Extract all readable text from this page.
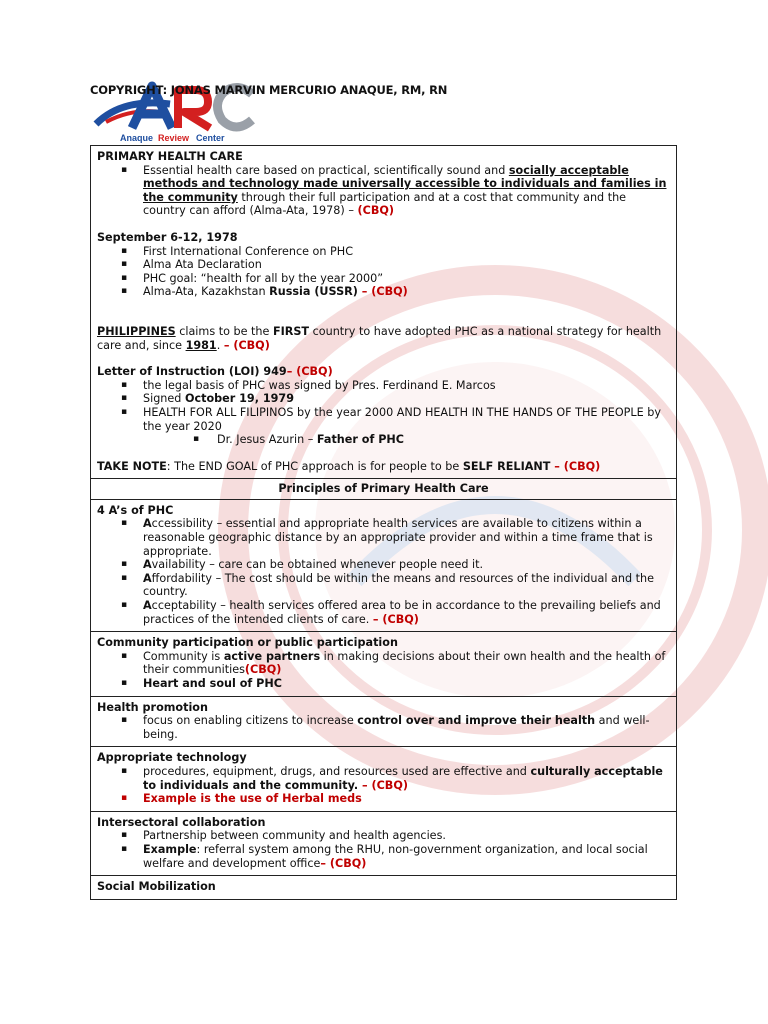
COPYRIGHT: JONAS MARVIN MERCURIO ANAQUE, RM, RN
Anaque Review Center
PRIMARY HEALTH CARE
▪ Essential health care based on practical, scientifically sound and socially acceptable methods and technology made universally accessible to individuals and families in the community through their full participation and at a cost that community and the country can afford (Alma-Ata, 1978) – (CBQ)
September 6-12, 1978
▪ First International Conference on PHC
▪ Alma Ata Declaration
▪ PHC goal: “health for all by the year 2000”
▪ Alma-Ata, Kazakhstan Russia (USSR) – (CBQ)
PHILIPPINES claims to be the FIRST country to have adopted PHC as a national strategy for health care and, since 1981. – (CBQ)
Letter of Instruction (LOI) 949– (CBQ)
▪ the legal basis of PHC was signed by Pres. Ferdinand E. Marcos
▪ Signed October 19, 1979
▪ HEALTH FOR ALL FILIPINOS by the year 2000 AND HEALTH IN THE HANDS OF THE PEOPLE by the year 2020
▪ Dr. Jesus Azurin – Father of PHC
TAKE NOTE: The END GOAL of PHC approach is for people to be SELF RELIANT – (CBQ)
Principles of Primary Health Care
4 A’s of PHC
▪ Accessibility – essential and appropriate health services are available to citizens within a reasonable geographic distance by an appropriate provider and within a time frame that is appropriate.
▪ Availability – care can be obtained whenever people need it.
▪ Affordability – The cost should be within the means and resources of the individual and the country.
▪ Acceptability – health services offered area to be in accordance to the prevailing beliefs and practices of the intended clients of care. – (CBQ)
Community participation or public participation
▪ Community is active partners in making decisions about their own health and the health of their communities(CBQ)
▪ Heart and soul of PHC
Health promotion
▪ focus on enabling citizens to increase control over and improve their health and well-being.
Appropriate technology
▪ procedures, equipment, drugs, and resources used are effective and culturally acceptable to individuals and the community. – (CBQ)
▪ Example is the use of Herbal meds
Intersectoral collaboration
▪ Partnership between community and health agencies.
▪ Example: referral system among the RHU, non-government organization, and local social welfare and development office– (CBQ)
Social Mobilization
